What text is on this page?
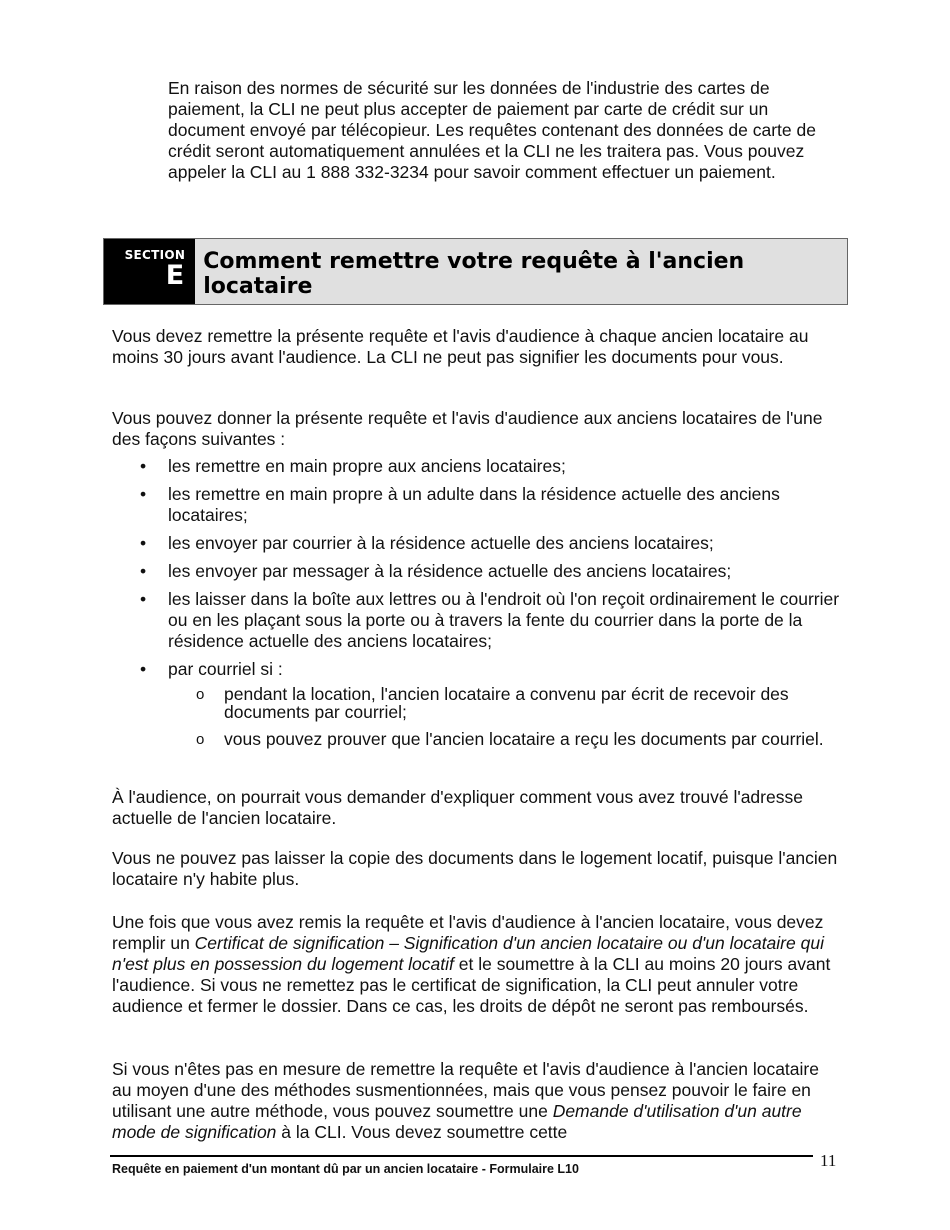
En raison des normes de sécurité sur les données de l'industrie des cartes de paiement, la CLI ne peut plus accepter de paiement par carte de crédit sur un document envoyé par télécopieur. Les requêtes contenant des données de carte de crédit seront automatiquement annulées et la CLI ne les traitera pas. Vous pouvez appeler la CLI au 1 888 332-3234 pour savoir comment effectuer un paiement.

SECTION
E Comment remettre votre requête à l'ancien locataire

Vous devez remettre la présente requête et l'avis d'audience à chaque ancien locataire au moins 30 jours avant l'audience. La CLI ne peut pas signifier les documents pour vous.

Vous pouvez donner la présente requête et l'avis d'audience aux anciens locataires de l'une des façons suivantes :

• les remettre en main propre aux anciens locataires;
• les remettre en main propre à un adulte dans la résidence actuelle des anciens locataires;
• les envoyer par courrier à la résidence actuelle des anciens locataires;
• les envoyer par messager à la résidence actuelle des anciens locataires;
• les laisser dans la boîte aux lettres ou à l'endroit où l'on reçoit ordinairement le courrier ou en les plaçant sous la porte ou à travers la fente du courrier dans la porte de la résidence actuelle des anciens locataires;
• par courriel si :
o pendant la location, l'ancien locataire a convenu par écrit de recevoir des documents par courriel;
o vous pouvez prouver que l'ancien locataire a reçu les documents par courriel.

À l'audience, on pourrait vous demander d'expliquer comment vous avez trouvé l'adresse actuelle de l'ancien locataire.

Vous ne pouvez pas laisser la copie des documents dans le logement locatif, puisque l'ancien locataire n'y habite plus.

Une fois que vous avez remis la requête et l'avis d'audience à l'ancien locataire, vous devez remplir un Certificat de signification – Signification d'un ancien locataire ou d'un locataire qui n'est plus en possession du logement locatif et le soumettre à la CLI au moins 20 jours avant l'audience. Si vous ne remettez pas le certificat de signification, la CLI peut annuler votre audience et fermer le dossier. Dans ce cas, les droits de dépôt ne seront pas remboursés.

Si vous n'êtes pas en mesure de remettre la requête et l'avis d'audience à l'ancien locataire au moyen d'une des méthodes susmentionnées, mais que vous pensez pouvoir le faire en utilisant une autre méthode, vous pouvez soumettre une Demande d'utilisation d'un autre mode de signification à la CLI. Vous devez soumettre cette

Requête en paiement d'un montant dû par un ancien locataire - Formulaire L10	11
